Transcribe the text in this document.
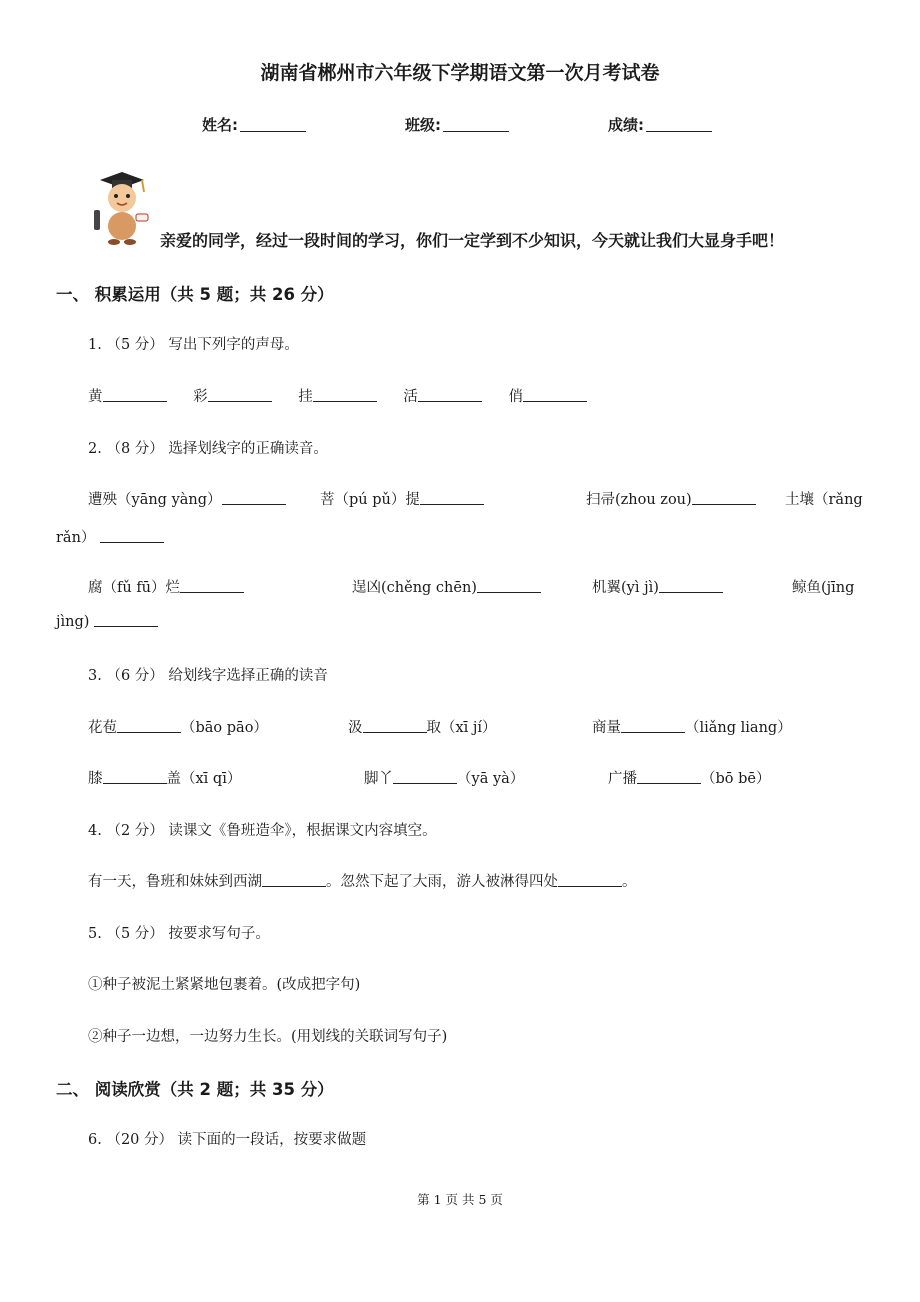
湖南省郴州市六年级下学期语文第一次月考试卷
姓名:	班级:	成绩:
亲爱的同学，经过一段时间的学习，你们一定学到不少知识，今天就让我们大显身手吧！
一、 积累运用（共 5 题；共 26 分）
1. （5 分） 写出下列字的声母。
黄	彩	挂	活	俏
2. （8 分） 选择划线字的正确读音。
遭殃（yāng yàng）	菩（pú pǔ）提	扫帚(zhou zou)	土壤（rǎng
rǎn）
腐（fǔ fū）烂	逞凶(chěng chēn)	机翼(yì jì)	鲸鱼(jīng
jìng)
3. （6 分） 给划线字选择正确的读音
花苞	（bāo pāo）	汲	取（xī jí）	商量	（liǎng liang）
膝	盖（xī qī）	脚丫	（yā yà）	广播	（bō bē）
4. （2 分） 读课文《鲁班造伞》，根据课文内容填空。
有一天，鲁班和妹妹到西湖	。忽然下起了大雨，游人被淋得四处	。
5. （5 分） 按要求写句子。
①种子被泥土紧紧地包裹着。(改成把字句)
②种子一边想，一边努力生长。(用划线的关联词写句子)
二、 阅读欣赏（共 2 题；共 35 分）
6. （20 分） 读下面的一段话，按要求做题
第 1 页 共 5 页
